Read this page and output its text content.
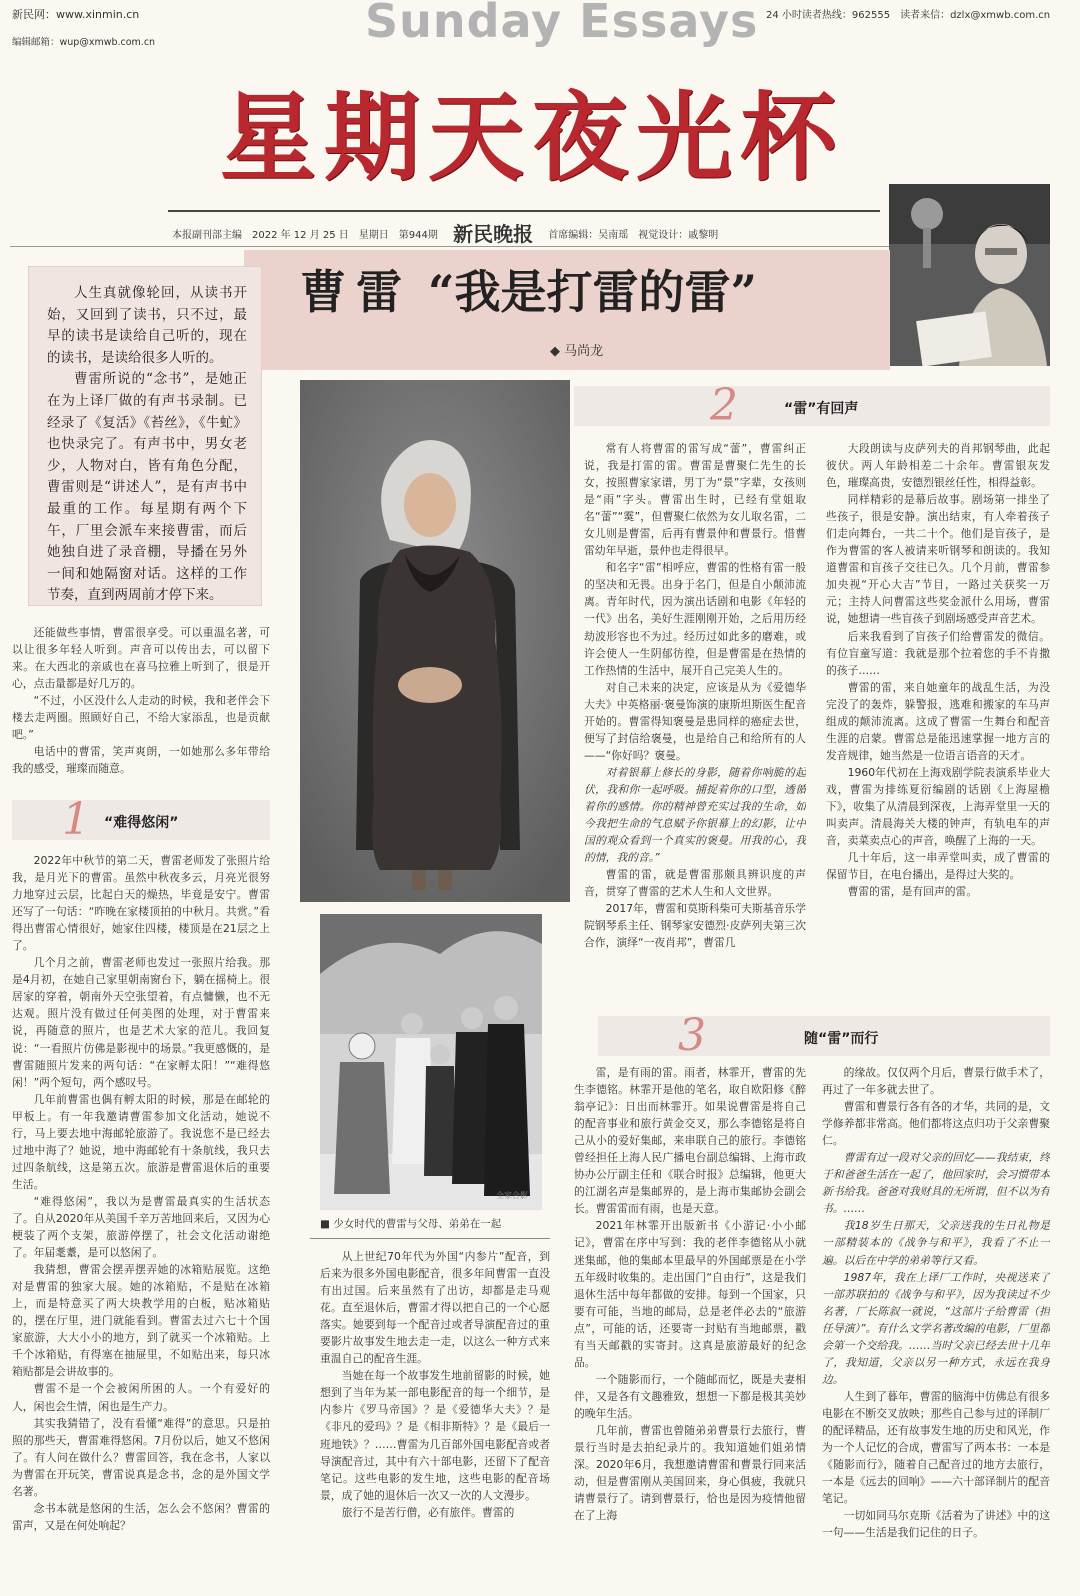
新民网：www.xinmin.cn
编辑邮箱：wup@xmwb.com.cn	Sunday Essays 24 小时读者热线：962555　读者来信：dzlx@xmwb.com.cn
星期天夜光杯
本报副刊部主编　2022 年 12 月 25 日　星期日　第944期 新民晚报 首席编辑：吴南瑶　视觉设计：戚黎明
曹雷 “我是打雷的雷”
◆ 马尚龙

人生真就像轮回，从读书开始，又回到了读书，只不过，最早的读书是读给自己听的，现在的读书，是读给很多人听的。

曹雷所说的“念书”，是她正在为上译厂做的有声书录制。已经录了《复活》《苔丝》，《牛虻》也快录完了。有声书中，男女老少，人物对白，皆有角色分配，曹雷则是“讲述人”，是有声书中最重的工作。每星期有两个下午，厂里会派车来接曹雷，而后她独自进了录音棚，导播在另外一间和她隔窗对话。这样的工作节奏，直到两周前才停下来。

还能做些事情，曹雷很享受。可以重温名著，可以让很多年轻人听到。声音可以传出去，可以留下来。在大西北的亲戚也在喜马拉雅上听到了，很是开心，点击量都是好几万的。

“不过，小区没什么人走动的时候，我和老伴会下楼去走两圈。照顾好自己，不给大家添乱，也是贡献吧。”

电话中的曹雷，笑声爽朗，一如她那么多年带给我的感受，璀璨而随意。

1 “难得悠闲”

2022年中秋节的第二天，曹雷老师发了张照片给我，是月光下的曹雷。虽然中秋夜多云，月亮光很努力地穿过云层，比起白天的燥热，毕竟是安宁。曹雷还写了一句话：“昨晚在家楼顶拍的中秋月。共赏。”看得出曹雷心情很好，她家住四楼，楼顶是在21层之上了。

几个月之前，曹雷老师也发过一张照片给我。那是4月初，在她自己家里朝南窗台下，躺在摇椅上。很居家的穿着，朝南外天空张望着，有点慵懒，也不无达观。照片没有做过任何美图的处理，对于曹雷来说，再随意的照片，也是艺术大家的范儿。我回复说：“一看照片仿佛是影视中的场景。”我更感慨的，是曹雷随照片发来的两句话：“在家孵太阳！”“难得悠闲！”两个短句，两个感叹号。

几年前曹雷也偶有孵太阳的时候，那是在邮轮的甲板上。有一年我邀请曹雷参加文化活动，她说不行，马上要去地中海邮轮旅游了。我说您不是已经去过地中海了？她说，地中海邮轮有十条航线，我只去过四条航线，这是第五次。旅游是曹雷退休后的重要生活。

“难得悠闲”，我以为是曹雷最真实的生活状态了。自从2020年从美国千辛万苦地回来后，又因为心梗装了两个支架，旅游停摆了，社会文化活动谢绝了。年届耄耋，是可以悠闲了。

我猜想，曹雷会摆弄摆弄她的冰箱贴展览。这绝对是曹雷的独家大展。她的冰箱贴，不是贴在冰箱上，而是特意买了两大块教学用的白板，贴冰箱贴的，摆在厅里，进门就能看到。曹雷去过六七十个国家旅游，大大小小的地方，到了就买一个冰箱贴。上千个冰箱贴，有得塞在抽屉里，不如贴出来，每只冰箱贴都是会讲故事的。

曹雷不是一个会被闲所困的人。一个有爱好的人，闲也会生情，闲也是生产力。

其实我猜错了，没有看懂“难得”的意思。只是拍照的那些天，曹雷难得悠闲。7月份以后，她又不悠闲了。有人问在做什么？曹雷回答，我在念书，人家以为曹雷在开玩笑，曹雷说真是念书，念的是外国文学名著。

念书本就是悠闲的生活，怎么会不悠闲？曹雷的雷声，又是在何处响起？

全家合影
■ 少女时代的曹雷与父母、弟弟在一起

从上世纪70年代为外国“内参片”配音，到后来为很多外国电影配音，很多年间曹雷一直没有出过国。后来虽然有了出访，却都是走马观花。直至退休后，曹雷才得以把自己的一个心愿落实。她要到每一个配音过或者导演配音过的重要影片故事发生地去走一走，以这么一种方式来重温自己的配音生涯。

当她在每一个故事发生地前留影的时候，她想到了当年为某一部电影配音的每一个细节，是内参片《罗马帝国》？是《爱德华大夫》？是《非凡的爱玛》？是《相非斯特》？是《最后一班地铁》？……曹雷为几百部外国电影配音或者导演配音过，其中有六十部电影，还留下了配音笔记。这些电影的发生地，这些电影的配音场景，成了她的退休后一次又一次的人文漫步。

旅行不是苦行僧，必有旅伴。曹雷的

2	“雷”有回声

常有人将曹雷的雷写成“蕾”，曹雷纠正说，我是打雷的雷。曹雷是曹聚仁先生的长女，按照曹家家谱，男丁为“景”字辈，女孩则是“雨”字头。曹雷出生时，已经有堂姐取名“蕾”“霙”，但曹聚仁依然为女儿取名雷，二女儿则是曹雷，后再有曹景仲和曹景行。惜曹雷幼年早逝，景仲也走得很早。

和名字“雷”相呼应，曹雷的性格有雷一般的坚决和无畏。出身于名门，但是自小颠沛流离。青年时代，因为演出话剧和电影《年轻的一代》出名，美好生涯刚刚开始，之后用历经劫波形容也不为过。经历过如此多的磨难，或许会使人一生阴郁彷徨，但是曹雷是在热情的工作热情的生活中，展开自己完美人生的。

对自己未来的决定，应该是从为《爱德华大夫》中英格丽·褒曼饰演的康斯坦斯医生配音开始的。曹雷得知褒曼是患同样的癌症去世，便写了封信给褒曼，也是给自己和给所有的人——“你好吗？褒曼。

对着银幕上修长的身影，随着你响脆的起伏，我和你一起呼吸。捕捉着你的口型，透循着你的感情。你的精神曾充实过我的生命，如今我把生命的气息赋予你银幕上的幻影，让中国的观众看到一个真实的褒曼。用我的心，我的情，我的音。”

曹雷的雷，就是曹雷那颇具辨识度的声音，贯穿了曹雷的艺术人生和人文世界。

2017年，曹雷和莫斯科柴可夫斯基音乐学院钢琴系主任、钢琴家安德烈·皮萨列夫第三次合作，演绎“一夜肖邦”，曹雷几

大段朗读与皮萨列夫的肖邦钢琴曲，此起彼伏。两人年龄相差二十余年。曹雷银灰发色，璀璨高贵，安德烈银丝任性，相得益彰。

同样精彩的是幕后故事。剧场第一排坐了些孩子，很是安静。演出结束，有人牵着孩子们走向舞台，一共二十个。他们是盲孩子，是作为曹雷的客人被请来听钢琴和朗读的。我知道曹雷和盲孩子交往已久。几个月前，曹雷参加央视“开心大吉”节目，一路过关获奖一万元；主持人问曹雷这些奖金派什么用场，曹雷说，她想请一些盲孩子到剧场感受声音艺术。

后来我看到了盲孩子们给曹雷发的微信。有位盲童写道：我就是那个拉着您的手不肯撒的孩子……

曹雷的雷，来自她童年的战乱生活，为没完没了的轰炸，躲警报，逃难和搬家的车马声组成的颠沛流离。这成了曹雷一生舞台和配音生涯的启蒙。曹雷总是能迅速掌握一地方言的发音规律，她当然是一位语言语音的天才。

1960年代初在上海戏剧学院表演系毕业大戏，曹雷为排练夏衍编剧的话剧《上海屋檐下》，收集了从清晨到深夜，上海弄堂里一天的叫卖声。清晨海关大楼的钟声，有轨电车的声音，卖菜卖点心的声音，唤醒了上海的一天。

几十年后，这一串弄堂叫卖，成了曹雷的保留节目，在电台播出，是得过大奖的。

曹雷的雷，是有回声的雷。

3	随“雷”而行

雷，是有雨的雷。雨者，林霏开，曹雷的先生李德铭。林霏开是他的笔名，取自欧阳修《醉翁亭记》：日出而林霏开。如果说曹雷是将自己的配音事业和旅行黄金交叉，那么李德铭是将自己从小的爱好集邮，来串联自己的旅行。李德铭曾经担任上海人民广播电台副总编辑、上海市政协办公厅副主任和《联合时报》总编辑，他更大的江湖名声是集邮界的，是上海市集邮协会副会长。曹雷雷而有雨，也是天意。

2021年林霏开出版新书《小游记·小小邮记》，曹雷在序中写到：我的老伴李德铭从小就迷集邮，他的集邮本里最早的外国邮票是在小学五年级时收集的。走出国门“自由行”，这是我们退休生活中每年都做的安排。每到一个国家，只要有可能，当地的邮局，总是老伴必去的“旅游点”，可能的话，还要寄一封贴有当地邮票，戳有当天邮戳的实寄封。这真是旅游最好的纪念品。

一个随影而行，一个随邮而忆，既是夫妻相伴，又是各有文趣雅致，想想一下都是极其美妙的晚年生活。

几年前，曹雷也曾随弟弟曹景行去旅行，曹景行当时是去拍纪录片的。我知道她们姐弟情深。2020年6月，我想邀请曹雷和曹景行同来活动，但是曹雷刚从美国回来，身心俱疲，我就只请曹景行了。请到曹景行，恰也是因为疫情他留在了上海

的缘故。仅仅两个月后，曹景行做手术了，再过了一年多就去世了。

曹雷和曹景行各有各的才华，共同的是，文学修养都非常高。他们都将这点归功于父亲曹聚仁。

曹雷有过一段对父亲的回忆——我结束，终于和爸爸生活在一起了，他回家时，会习惯带本新书给我。爸爸对我财具的无所谓，但不以为有书。……

我18岁生日那天，父亲送我的生日礼物是一部精装本的《战争与和平》，我看了不止一遍。以后在中学的弟弟等行又看。

1987年，我在上译厂工作时，央视送来了一部苏联拍的《战争与和平》，因为我读过不少名著，厂长陈叙一就说，“这部片子给曹雷（担任导演）”。有什么文学名著改编的电影，厂里都会第一个交给我。……当时父亲已经去世十几年了，我知道，父亲以另一种方式，永远在我身边。

人生到了暮年，曹雷的脑海中仿佛总有很多电影在不断交叉放映；那些自己参与过的译制厂的配译精品，还有故事发生地的历史和风光，作为一个人记忆的合成，曹雷写了两本书：一本是《随影而行》，随着自己配音过的地方去旅行，一本是《远去的回响》——六十部译制片的配音笔记。

一切如同马尔克斯《活着为了讲述》中的这一句——生活是我们记住的日子。
